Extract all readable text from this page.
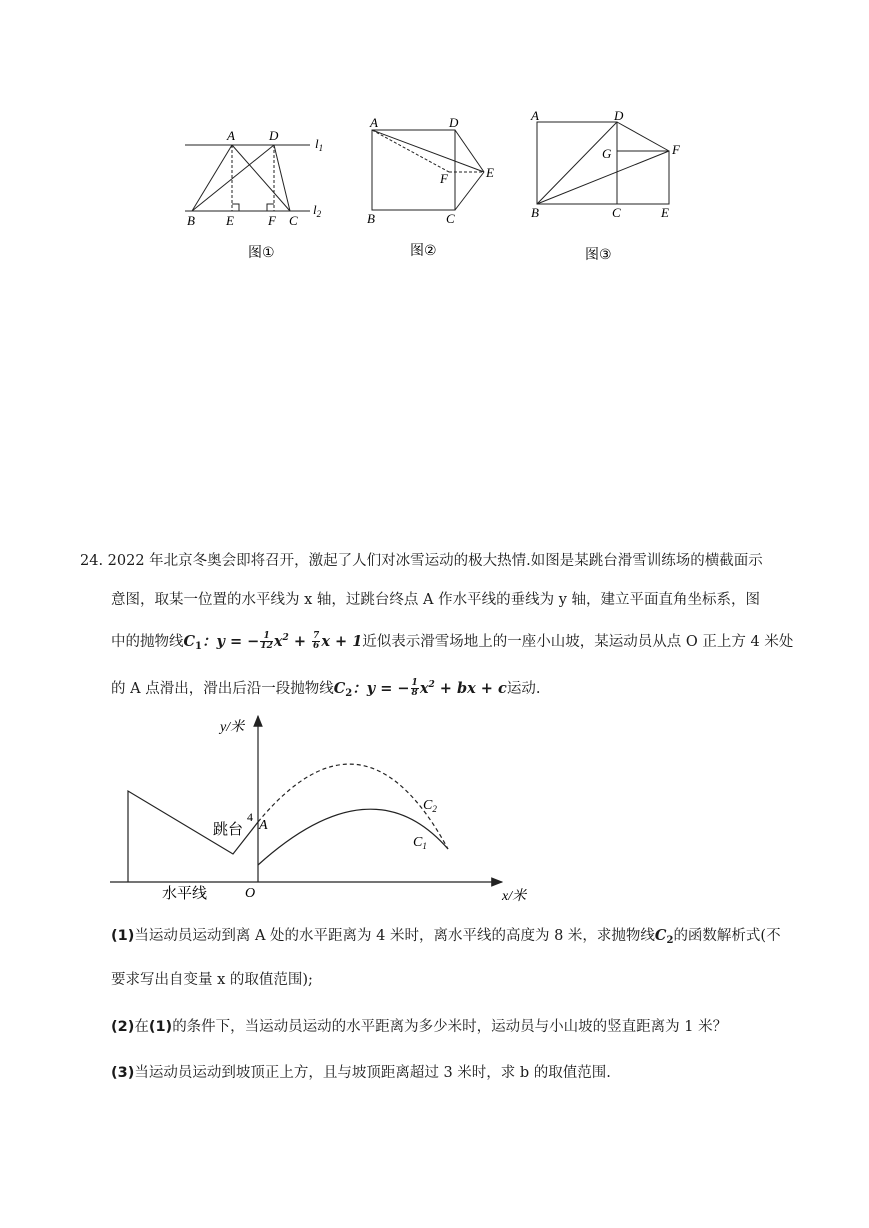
A	D
B E	F C
$l_1$
$l_2$
图①
A	D
B	C
E
F
图②
A	D
G	F
B	C	E
图③
24. 2022 年北京冬奥会即将召开，激起了人们对冰雪运动的极大热情.如图是某跳台滑雪训练场的横截面示
意图，取某一位置的水平线为 x 轴，过跳台终点 A 作水平线的垂线为 y 轴，建立平面直角坐标系，图
中的抛物线$C_1$：y = − $\frac{1}{12} x^2 + \frac{7}{6}$ x + 1近似表示滑雪场地上的一座小山坡，某运动员从点 O 正上方 4 米处
的 A 点滑出，滑出后沿一段抛物线$C_2$：y = − $\frac{1}{8} x^2$ + bx + c运动.
y/米
x/米
O
4
A
跳台
水平线
$C_2$
$C_1$
(1)当运动员运动到离 A 处的水平距离为 4 米时，离水平线的高度为 8 米，求抛物线$C_2$的函数解析式(不
要求写出自变量 x 的取值范围);
(2)在(1)的条件下，当运动员运动的水平距离为多少米时，运动员与小山坡的竖直距离为 1 米？
(3)当运动员运动到坡顶正上方，且与坡顶距离超过 3 米时，求 b 的取值范围.
